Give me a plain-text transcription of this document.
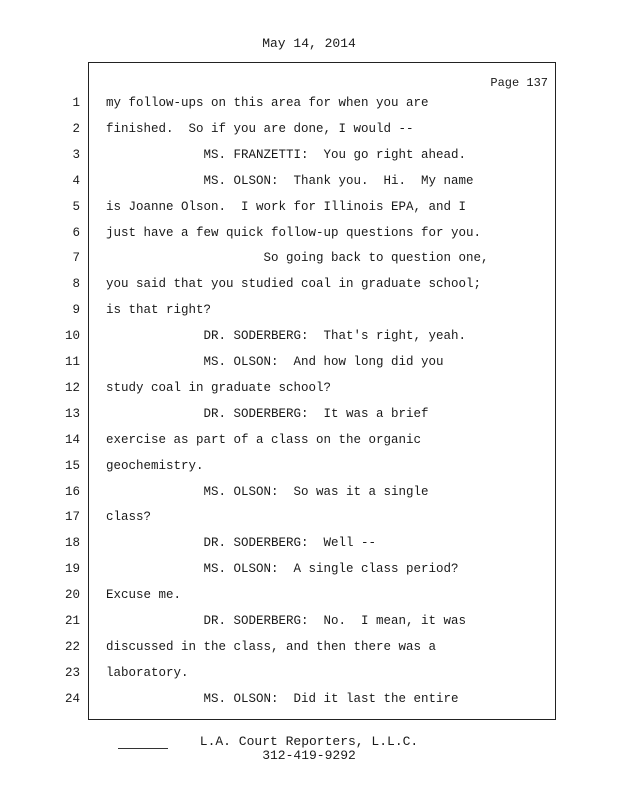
May 14, 2014
Page 137
1 my follow-ups on this area for when you are
2 finished.  So if you are done, I would --
3 MS. FRANZETTI:  You go right ahead.
4 MS. OLSON:  Thank you.  Hi.  My name
5 is Joanne Olson.  I work for Illinois EPA, and I
6 just have a few quick follow-up questions for you.
7 So going back to question one,
8 you said that you studied coal in graduate school;
9 is that right?
10 DR. SODERBERG:  That's right, yeah.
11 MS. OLSON:  And how long did you
12 study coal in graduate school?
13 DR. SODERBERG:  It was a brief
14 exercise as part of a class on the organic
15 geochemistry.
16 MS. OLSON:  So was it a single
17 class?
18 DR. SODERBERG:  Well --
19 MS. OLSON:  A single class period?
20 Excuse me.
21 DR. SODERBERG:  No.  I mean, it was
22 discussed in the class, and then there was a
23 laboratory.
24 MS. OLSON:  Did it last the entire
L.A. Court Reporters, L.L.C.
312-419-9292
